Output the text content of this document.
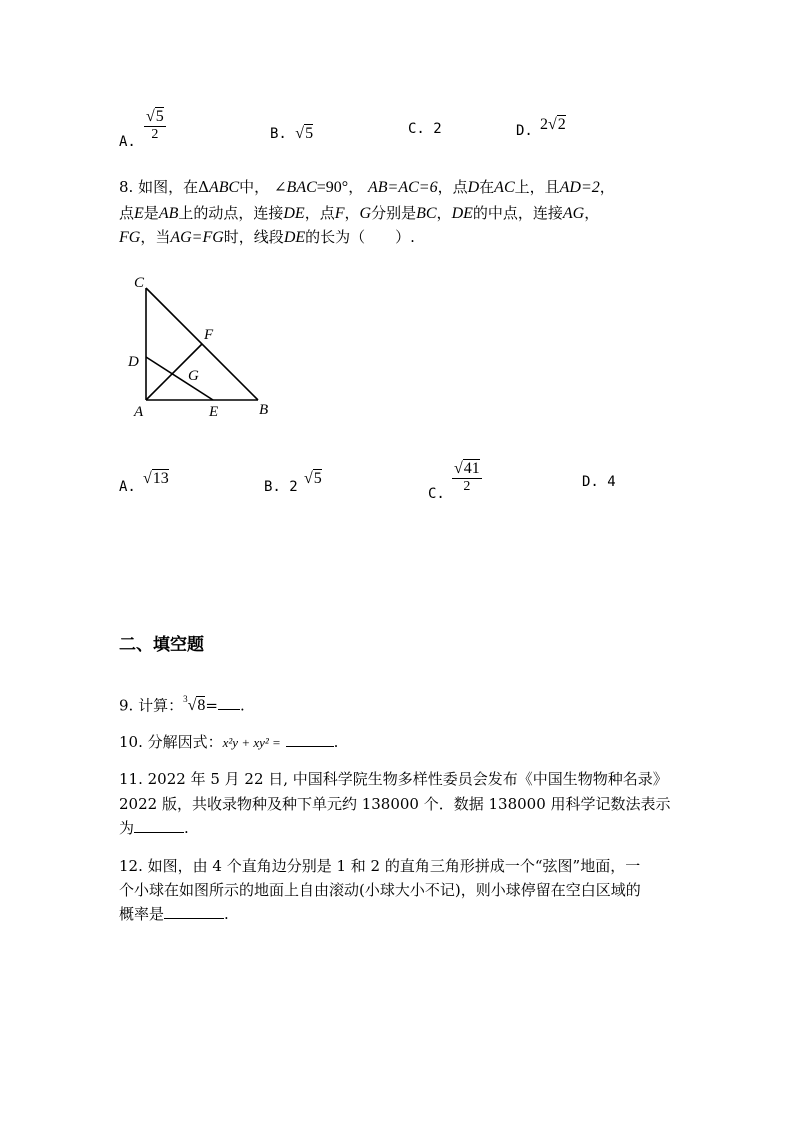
A. $\frac{√5}{2}$	B. √5	C. 2	D. 2√2
8. 如图，在ΔABC中， ∠BAC=90°， AB=AC=6，点D在AC上，且AD=2，
点E是AB上的动点，连接DE，点F，G分别是BC，DE的中点，连接AG，
FG，当AG=FG时，线段DE的长为（　　）.
C
F
D
G
A	E	B
A. √13	B. 2 √5
C. $\frac{√41}{2}$	D. 4
二、填空题
9. 计算：$^3$√8= .
10. 分解因式：x²y + xy² =	.
11. 2022 年 5 月 22 日, 中国科学院生物多样性委员会发布《中国生物物种名录》
2022 版，共收录物种及种下单元约 138000 个．数据 138000 用科学记数法表示
为	.
12. 如图，由 4 个直角边分别是 1 和 2 的直角三角形拼成一个“弦图”地面，一
个小球在如图所示的地面上自由滚动(小球大小不记)，则小球停留在空白区域的
概率是	.
